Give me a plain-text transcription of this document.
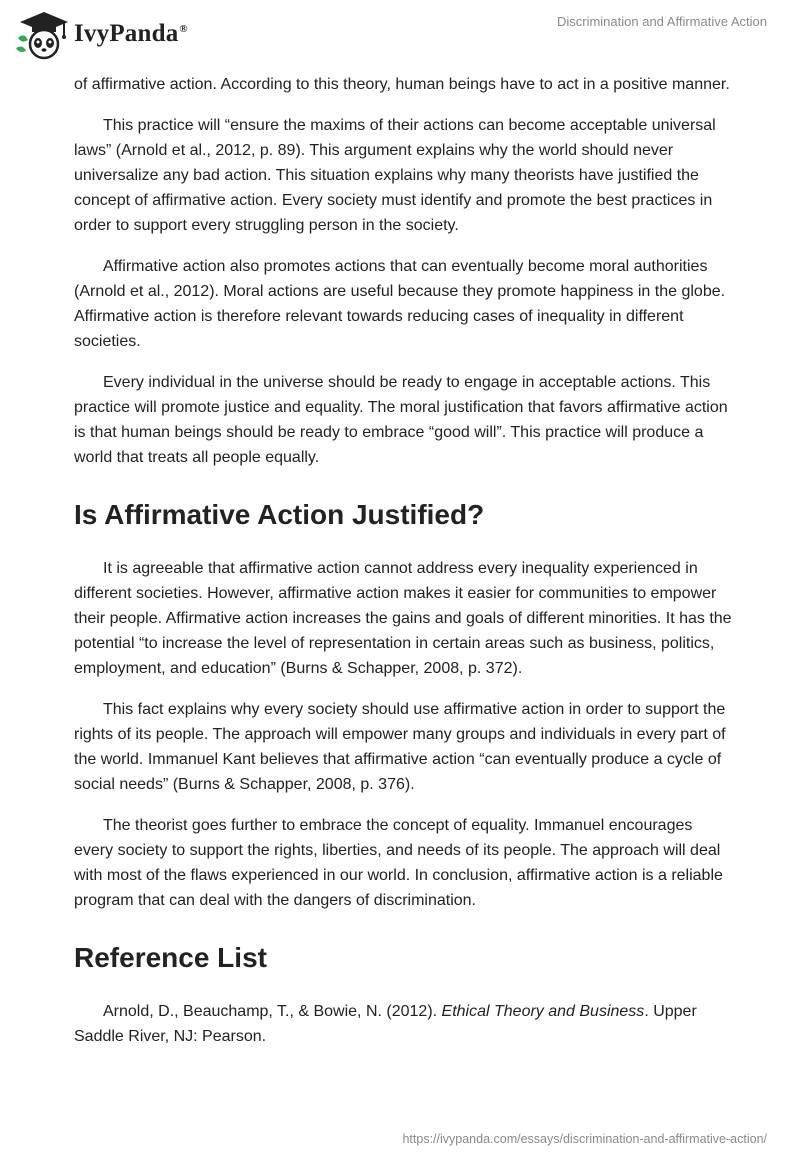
IvyPanda®	Discrimination and Affirmative Action

of affirmative action. According to this theory, human beings have to act in a positive manner.

This practice will “ensure the maxims of their actions can become acceptable universal laws” (Arnold et al., 2012, p. 89). This argument explains why the world should never universalize any bad action. This situation explains why many theorists have justified the concept of affirmative action. Every society must identify and promote the best practices in order to support every struggling person in the society.

Affirmative action also promotes actions that can eventually become moral authorities (Arnold et al., 2012). Moral actions are useful because they promote happiness in the globe. Affirmative action is therefore relevant towards reducing cases of inequality in different societies.

Every individual in the universe should be ready to engage in acceptable actions. This practice will promote justice and equality. The moral justification that favors affirmative action is that human beings should be ready to embrace “good will”. This practice will produce a world that treats all people equally.

Is Affirmative Action Justified?

It is agreeable that affirmative action cannot address every inequality experienced in different societies. However, affirmative action makes it easier for communities to empower their people. Affirmative action increases the gains and goals of different minorities. It has the potential “to increase the level of representation in certain areas such as business, politics, employment, and education” (Burns & Schapper, 2008, p. 372).

This fact explains why every society should use affirmative action in order to support the rights of its people. The approach will empower many groups and individuals in every part of the world. Immanuel Kant believes that affirmative action “can eventually produce a cycle of social needs” (Burns & Schapper, 2008, p. 376).

The theorist goes further to embrace the concept of equality. Immanuel encourages every society to support the rights, liberties, and needs of its people. The approach will deal with most of the flaws experienced in our world. In conclusion, affirmative action is a reliable program that can deal with the dangers of discrimination.

Reference List

Arnold, D., Beauchamp, T., & Bowie, N. (2012). Ethical Theory and Business. Upper Saddle River, NJ: Pearson.

https://ivypanda.com/essays/discrimination-and-affirmative-action/
